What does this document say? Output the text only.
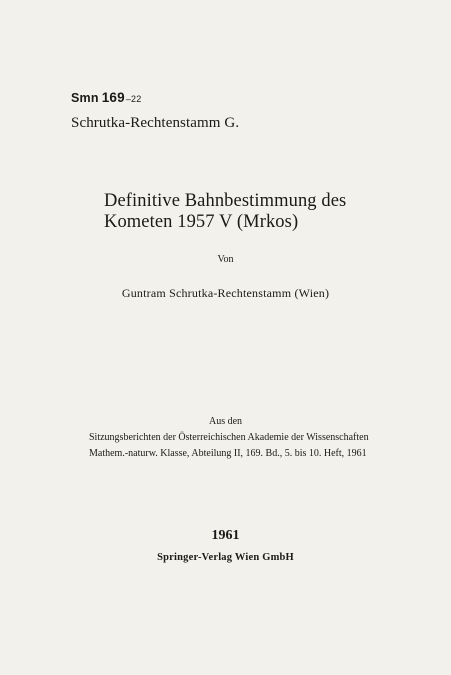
Smn 169–22
Schrutka-Rechtenstamm G.
Definitive Bahnbestimmung des
Kometen 1957 V (Mrkos)
Von
Guntram Schrutka-Rechtenstamm (Wien)
Aus den
Sitzungsberichten der Österreichischen Akademie der Wissenschaften
Mathem.-naturw. Klasse, Abteilung II, 169. Bd., 5. bis 10. Heft, 1961
1961
Springer-Verlag Wien GmbH
